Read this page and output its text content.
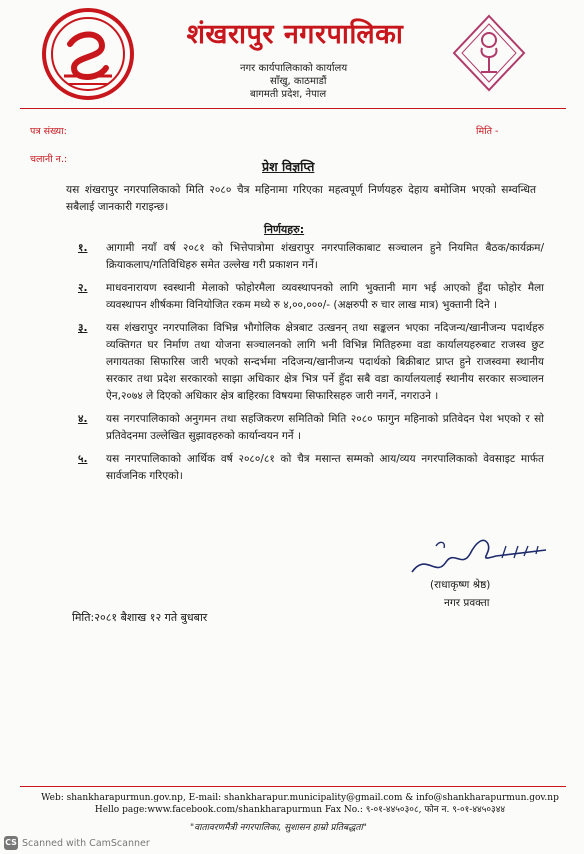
शंखरापुर नगरपालिका
नगर कार्यपालिकाको कार्यालय
साँखु, काठमाडौं
बागमती प्रदेश, नेपाल
पत्र संख्या:	मिति -
चलानी न.:	प्रेश विज्ञप्ति
यस शंखरापुर नगरपालिकाको मिति २०८० चैत्र महिनामा गरिएका महत्वपूर्ण निर्णयहरु देहाय बमोजिम भएको सम्वन्धित सबैलाई जानकारी गराइन्छ।
निर्णयहरु:
१. आगामी नयाँ वर्ष २०८१ को भित्तेपात्रोमा शंखरापुर नगरपालिकाबाट सञ्चालन हुने नियमित बैठक/कार्यक्रम/क्रियाकलाप/गतिविधिहरु समेत उल्लेख गरी प्रकाशन गर्ने।
२. माधवनारायण स्वस्थानी मेलाको फोहोरमैला व्यवस्थापनको लागि भुक्तानी माग भई आएको हुँदा फोहोर मैला व्यवस्थापन शीर्षकमा विनियोजित रकम मध्ये रु ४,००,०००/- (अक्षरुपी रु चार लाख मात्र) भुक्तानी दिने ।
३. यस शंखरापुर नगरपालिका विभिन्न भौगोलिक क्षेत्रबाट उत्खनन् तथा सङ्कलन भएका नदिजन्य/खानीजन्य पदार्थहरु व्यक्तिगत घर निर्माण तथा योजना सञ्चालनको लागि भनी विभिन्न मितिहरुमा वडा कार्यालयहरुबाट राजस्व छुट लगायतका सिफारिस जारी भएको सन्दर्भमा नदिजन्य/खानीजन्य पदार्थको बिक्रीबाट प्राप्त हुने राजस्वमा स्थानीय सरकार तथा प्रदेश सरकारको साझा अधिकार क्षेत्र भित्र पर्ने हुँदा सबै वडा कार्यालयलाई स्थानीय सरकार सञ्चालन ऐन,२०७४ ले दिएको अधिकार क्षेत्र बाहिरका विषयमा सिफारिसहरु जारी नगर्ने, नगराउने ।
४. यस नगरपालिकाको अनुगमन तथा सहजिकरण समितिको मिति २०८० फागुन महिनाको प्रतिवेदन पेश भएको र सो प्रतिवेदनमा उल्लेखित सुझावहरुको कार्यान्वयन गर्ने ।
५. यस नगरपालिकाको आर्थिक वर्ष २०८०/८१ को चैत्र मसान्त सम्मको आय/व्यय नगरपालिकाको वेवसाइट मार्फत सार्वजनिक गरिएको।
(राधाकृष्ण श्रेष्ठ)
नगर प्रवक्ता
मिति:२०८१ बैशाख १२ गते बुधबार
Web: shankharapurmun.gov.np, E-mail: shankharapur.municipality@gmail.com & info@shankharapurmun.gov.np
Hello page:www.facebook.com/shankharapurmun Fax No.: ९-०१-४४५०३०८, फोन न. ९-०१-४४५०३४४
"वातावरणमैत्री नगरपालिका, सुशासन हाम्रो प्रतिबद्धता"
CS Scanned with CamScanner
